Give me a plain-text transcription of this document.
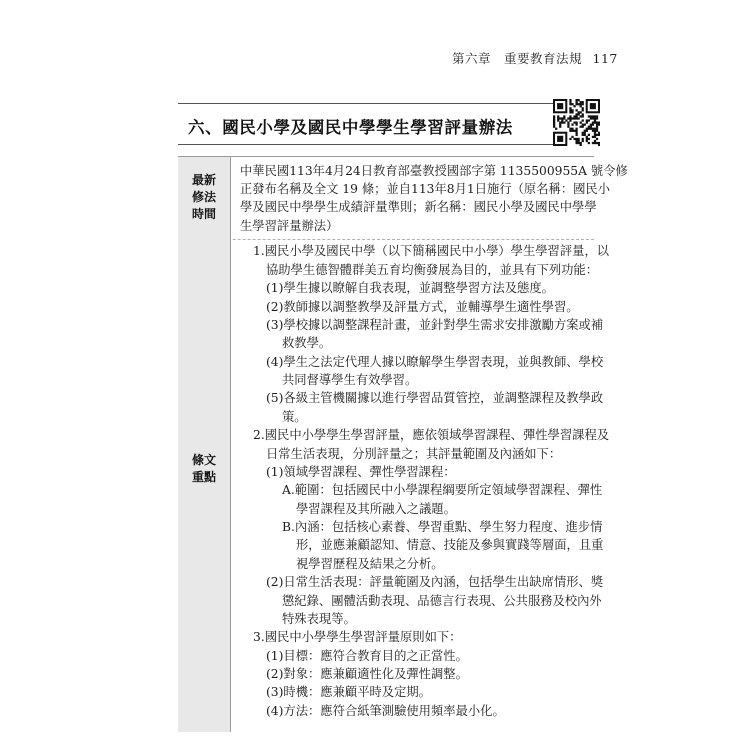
第六章　重要教育法規 117
六、國民小學及國民中學學生學習評量辦法
最新
修法
時間
中華民國113年4月24日教育部臺教授國部字第 1135500955A 號令修
正發布名稱及全文 19 條；並自113年8月1日施行（原名稱：國民小
學及國民中學學生成績評量準則；新名稱：國民小學及國民中學學
生學習評量辦法）
條文
重點
1.國民小學及國民中學（以下簡稱國民中小學）學生學習評量，以
協助學生德智體群美五育均衡發展為目的，並具有下列功能：
(1)學生據以瞭解自我表現，並調整學習方法及態度。
(2)教師據以調整教學及評量方式，並輔導學生適性學習。
(3)學校據以調整課程計畫，並針對學生需求安排激勵方案或補
救教學。
(4)學生之法定代理人據以瞭解學生學習表現，並與教師、學校
共同督導學生有效學習。
(5)各級主管機關據以進行學習品質管控，並調整課程及教學政
策。
2.國民中小學學生學習評量，應依領域學習課程、彈性學習課程及
日常生活表現，分別評量之；其評量範圍及內涵如下：
(1)領域學習課程、彈性學習課程：
A.範圍：包括國民中小學課程綱要所定領域學習課程、彈性
學習課程及其所融入之議題。
B.內涵：包括核心素養、學習重點、學生努力程度、進步情
形，並應兼顧認知、情意、技能及參與實踐等層面，且重
視學習歷程及結果之分析。
(2)日常生活表現：評量範圍及內涵，包括學生出缺席情形、獎
懲紀錄、團體活動表現、品德言行表現、公共服務及校內外
特殊表現等。
3.國民中小學學生學習評量原則如下：
(1)目標：應符合教育目的之正當性。
(2)對象：應兼顧適性化及彈性調整。
(3)時機：應兼顧平時及定期。
(4)方法：應符合紙筆測驗使用頻率最小化。
